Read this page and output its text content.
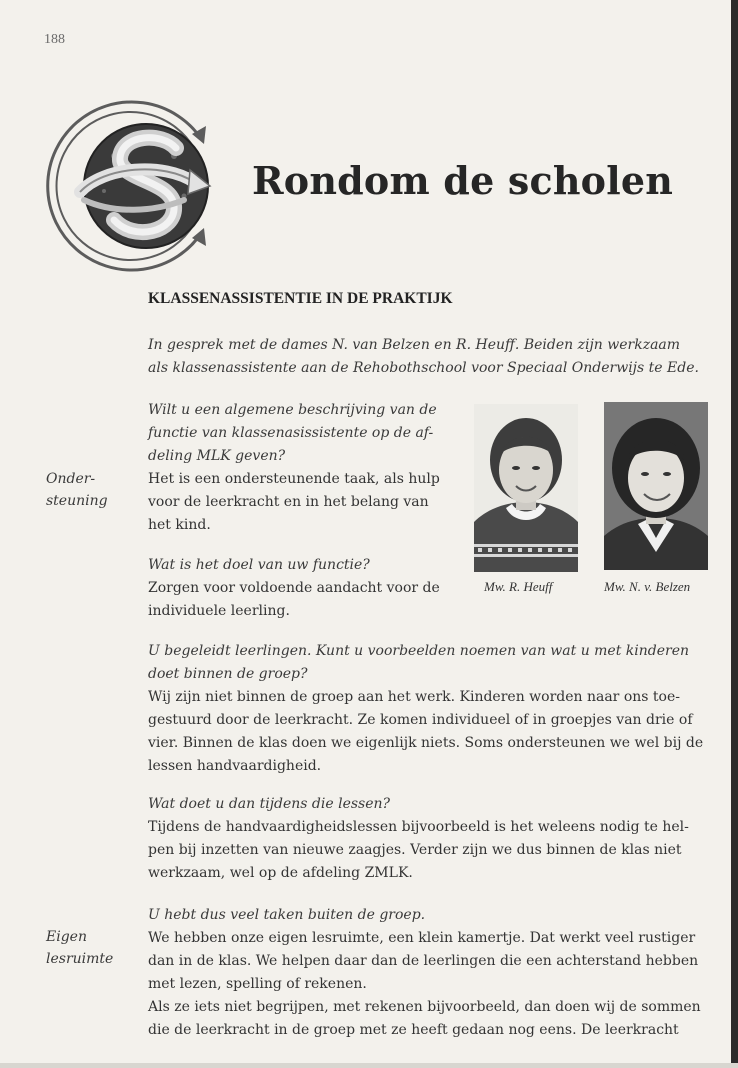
188
Rondom de scholen
KLASSENASSISTENTIE IN DE PRAKTIJK
In gesprek met de dames N. van Belzen en R. Heuff. Beiden zijn werkzaam
als klassenassistente aan de Rehobothschool voor Speciaal Onderwijs te Ede.
Wilt u een algemene beschrijving van de
functie van klassenasissistente op de af-
deling MLK geven?
Het is een ondersteunende taak, als hulp
voor de leerkracht en in het belang van
het kind.
Onder-
steuning
Wat is het doel van uw functie?
Zorgen voor voldoende aandacht voor de
individuele leerling.
Mw. R. Heuff	Mw. N. v. Belzen
U begeleidt leerlingen. Kunt u voorbeelden noemen van wat u met kinderen
doet binnen de groep?
Wij zijn niet binnen de groep aan het werk. Kinderen worden naar ons toe-
gestuurd door de leerkracht. Ze komen individueel of in groepjes van drie of
vier. Binnen de klas doen we eigenlijk niets. Soms ondersteunen we wel bij de
lessen handvaardigheid.
Wat doet u dan tijdens die lessen?
Tijdens de handvaardigheidslessen bijvoorbeeld is het weleens nodig te hel-
pen bij inzetten van nieuwe zaagjes. Verder zijn we dus binnen de klas niet
werkzaam, wel op de afdeling ZMLK.
U hebt dus veel taken buiten de groep.
We hebben onze eigen lesruimte, een klein kamertje. Dat werkt veel rustiger
dan in de klas. We helpen daar dan de leerlingen die een achterstand hebben
met lezen, spelling of rekenen.
Als ze iets niet begrijpen, met rekenen bijvoorbeeld, dan doen wij de sommen
die de leerkracht in de groep met ze heeft gedaan nog eens. De leerkracht
Eigen
lesruimte
